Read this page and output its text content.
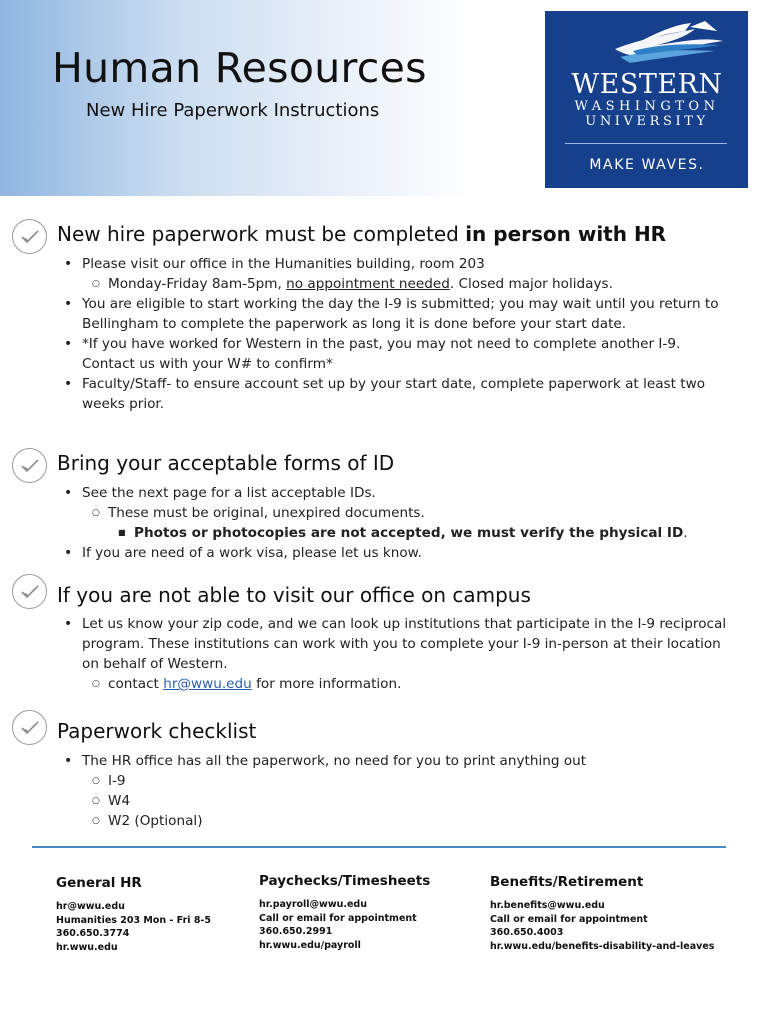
Human Resources
New Hire Paperwork Instructions
WESTERN
WASHINGTON
UNIVERSITY
MAKE WAVES.
New hire paperwork must be completed in person with HR
• Please visit our office in the Humanities building, room 203
○ Monday-Friday 8am-5pm, no appointment needed. Closed major holidays.
• You are eligible to start working the day the I-9 is submitted; you may wait until you return to Bellingham to complete the paperwork as long it is done before your start date.
• *If you have worked for Western in the past, you may not need to complete another I-9. Contact us with your W# to confirm*
• Faculty/Staff- to ensure account set up by your start date, complete paperwork at least two weeks prior.
Bring your acceptable forms of ID
• See the next page for a list acceptable IDs.
○ These must be original, unexpired documents.
■ Photos or photocopies are not accepted, we must verify the physical ID.
• If you are need of a work visa, please let us know.
If you are not able to visit our office on campus
• Let us know your zip code, and we can look up institutions that participate in the I-9 reciprocal program. These institutions can work with you to complete your I-9 in-person at their location on behalf of Western.
○ contact hr@wwu.edu for more information.
Paperwork checklist
• The HR office has all the paperwork, no need for you to print anything out
○ I-9
○ W4
○ W2 (Optional)
General HR
hr@wwu.edu
Humanities 203 Mon - Fri 8-5
360.650.3774
hr.wwu.edu
Paychecks/Timesheets
hr.payroll@wwu.edu
Call or email for appointment
360.650.2991
hr.wwu.edu/payroll
Benefits/Retirement
hr.benefits@wwu.edu
Call or email for appointment
360.650.4003
hr.wwu.edu/benefits-disability-and-leaves
